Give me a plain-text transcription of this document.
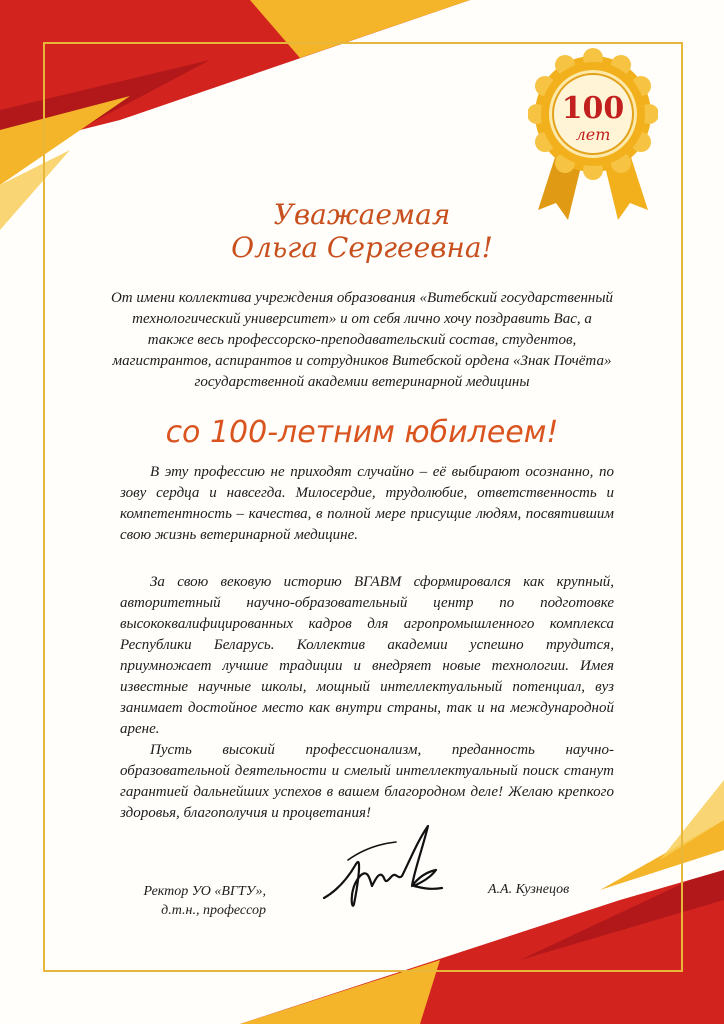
100
лет

Уважаемая

Ольга Сергеевна!

От имени коллектива учреждения образования «Витебский государственный технологический университет» и от себя лично хочу поздравить Вас, а также весь профессорско-преподавательский состав, студентов, магистрантов, аспирантов и сотрудников Витебской ордена «Знак Почёта» государственной академии ветеринарной медицины

со 100-летним юбилеем!

В эту профессию не приходят случайно – её выбирают осознанно, по зову сердца и навсегда. Милосердие, трудолюбие, ответственность и компетентность – качества, в полной мере присущие людям, посвятившим свою жизнь ветеринарной медицине.

За свою вековую историю ВГАВМ сформировался как крупный, авторитетный научно-образовательный центр по подготовке высококвалифицированных кадров для агропромышленного комплекса Республики Беларусь. Коллектив академии успешно трудится, приумножает лучшие традиции и внедряет новые технологии. Имея известные научные школы, мощный интеллектуальный потенциал, вуз занимает достойное место как внутри страны, так и на международной арене.

Пусть высокий профессионализм, преданность научно-образовательной деятельности и смелый интеллектуальный поиск станут гарантией дальнейших успехов в вашем благородном деле! Желаю крепкого здоровья, благополучия и процветания!

Ректор УО «ВГТУ»,
д.т.н., профессор
А.А. Кузнецов
